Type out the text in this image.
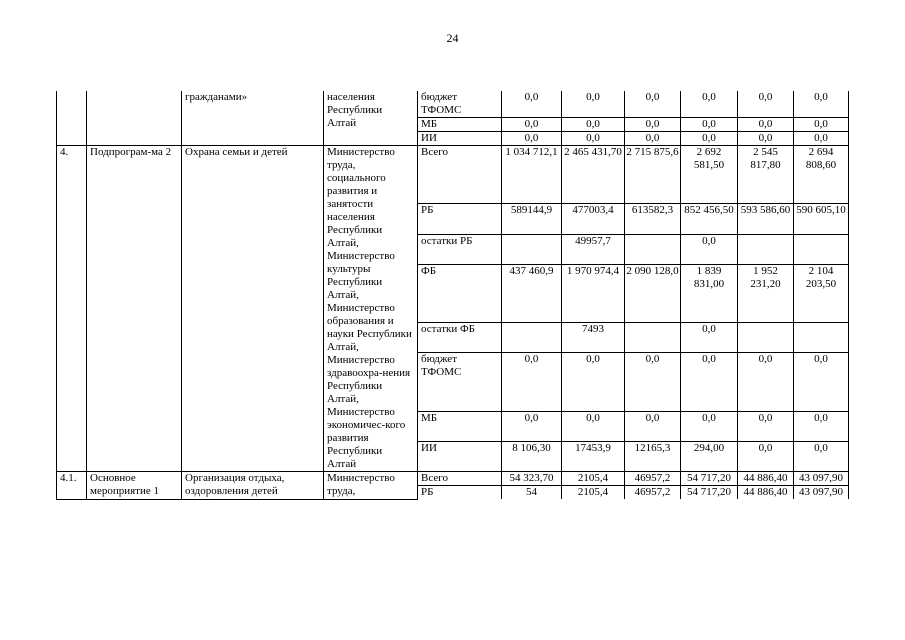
24
		гражданами»	населения Республики Алтай	бюджет ТФОМС	0,0	0,0	0,0	0,0	0,0	0,0
				МБ	0,0	0,0	0,0	0,0	0,0	0,0
				ИИ	0,0	0,0	0,0	0,0	0,0	0,0
4.	Подпрограм-ма 2	Охрана семьи и детей	Министерство труда, социального развития и занятости населения Республики Алтай, Министерство культуры Республики Алтай, Министерство образования и науки Республики Алтай, Министерство здравоохра-нения Республики Алтай, Министерство экономичес-кого развития Республики Алтай	Всего	1 034 712,1	2 465 431,70	2 715 875,6	2 692 581,50	2 545 817,80	2 694 808,60
				РБ	589144,9	477003,4	613582,3	852 456,50	593 586,60	590 605,10
				остатки РБ		49957,7		0,0		
				ФБ	437 460,9	1 970 974,4	2 090 128,0	1 839 831,00	1 952 231,20	2 104 203,50
				остатки ФБ		7493		0,0		
				бюджет ТФОМС	0,0	0,0	0,0	0,0	0,0	0,0
				МБ	0,0	0,0	0,0	0,0	0,0	0,0
				ИИ	8 106,30	17453,9	12165,3	294,00	0,0	0,0
4.1.	Основное мероприятие 1	Организация отдыха, оздоровления детей	Министерство труда,	Всего	54 323,70	2105,4	46957,2	54 717,20	44 886,40	43 097,90
				РБ	54	2105,4	46957,2	54 717,20	44 886,40	43 097,90
